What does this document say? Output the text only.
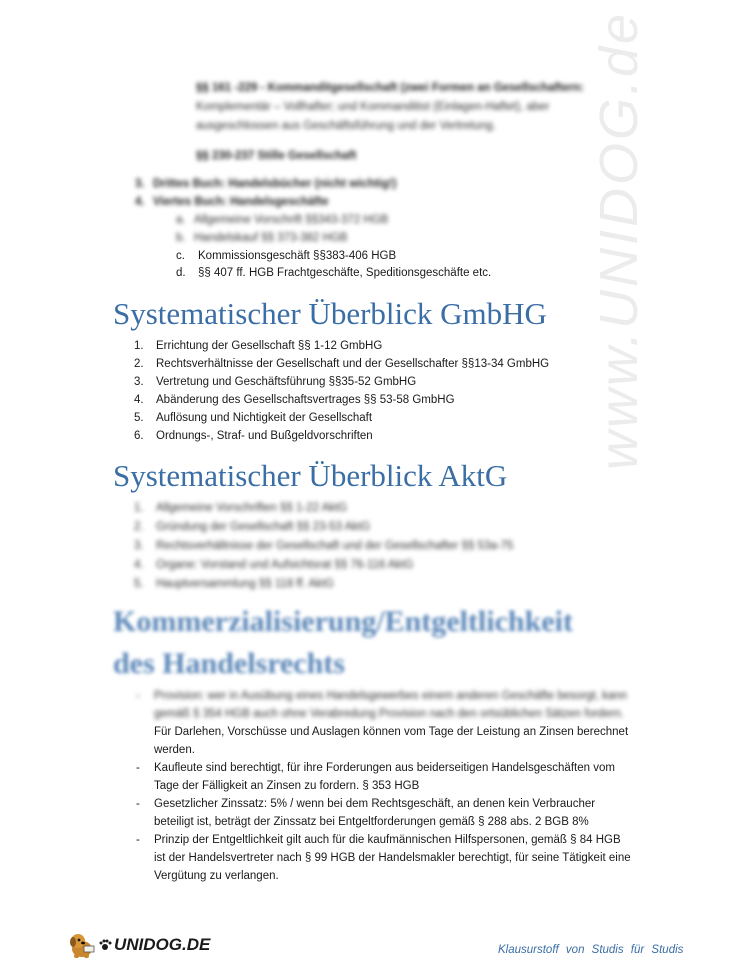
www.UNIDOG.de
§§ 161 -229 - Kommanditgesellschaft (zwei Formen an Gesellschaftern:
Komplementär – Vollhafter; und Kommanditist (Einlagen-Haftet), aber
ausgeschlossen aus Geschäftsführung und der Vertretung.
§§ 230-237 Stille Gesellschaft
3. Drittes Buch: Handelsbücher (nicht wichtig!)
4. Viertes Buch: Handelsgeschäfte
a. Allgemeine Vorschrift §§343-372 HGB
b. Handelskauf §§ 373-382 HGB
c. Kommissionsgeschäft §§383-406 HGB
d. §§ 407 ff. HGB Frachtgeschäfte, Speditionsgeschäfte etc.
Systematischer Überblick GmbHG
1. Errichtung der Gesellschaft §§ 1-12 GmbHG
2. Rechtsverhältnisse der Gesellschaft und der Gesellschafter §§13-34 GmbHG
3. Vertretung und Geschäftsführung §§35-52 GmbHG
4. Abänderung des Gesellschaftsvertrages §§ 53-58 GmbHG
5. Auflösung und Nichtigkeit der Gesellschaft
6. Ordnungs-, Straf- und Bußgeldvorschriften
Systematischer Überblick AktG
1. Allgemeine Vorschriften §§ 1-22 AktG
2. Gründung der Gesellschaft §§ 23-53 AktG
3. Rechtsverhältnisse der Gesellschaft und der Gesellschafter §§ 53a-75
4. Organe: Vorstand und Aufsichtsrat §§ 76-116 AktG
5. Hauptversammlung §§ 118 ff. AktG
Kommerzialisierung/Entgeltlichkeit
des Handelsrechts
- Provision: wer in Ausübung eines Handelsgewerbes einem anderen Geschäfte besorgt, kann
gemäß § 354 HGB auch ohne Verabredung Provision nach den ortsüblichen Sätzen fordern.
Für Darlehen, Vorschüsse und Auslagen können vom Tage der Leistung an Zinsen berechnet
werden.
- Kaufleute sind berechtigt, für ihre Forderungen aus beiderseitigen Handelsgeschäften vom
Tage der Fälligkeit an Zinsen zu fordern. § 353 HGB
- Gesetzlicher Zinssatz: 5% / wenn bei dem Rechtsgeschäft, an denen kein Verbraucher
beteiligt ist, beträgt der Zinssatz bei Entgeltforderungen gemäß § 288 abs. 2 BGB 8%
- Prinzip der Entgeltlichkeit gilt auch für die kaufmännischen Hilfspersonen, gemäß § 84 HGB
ist der Handelsvertreter nach § 99 HGB der Handelsmakler berechtigt, für seine Tätigkeit eine
Vergütung zu verlangen.
UNIDOG.DE	Klausurstoff von Studis für Studis
